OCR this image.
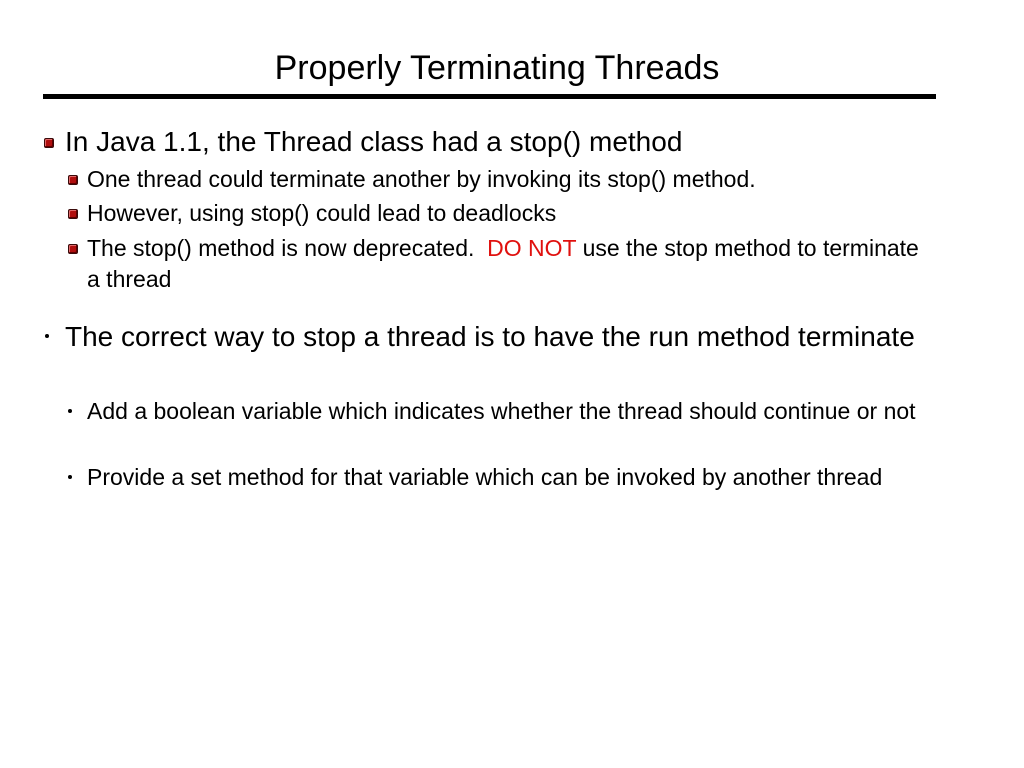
Properly Terminating Threads

In Java 1.1, the Thread class had a stop() method

One thread could terminate another by invoking its stop() method.

However, using stop() could lead to deadlocks

The stop() method is now deprecated. DO NOT use the stop method to terminate a thread

The correct way to stop a thread is to have the run method terminate

Add a boolean variable which indicates whether the thread should continue or not

Provide a set method for that variable which can be invoked by another thread
